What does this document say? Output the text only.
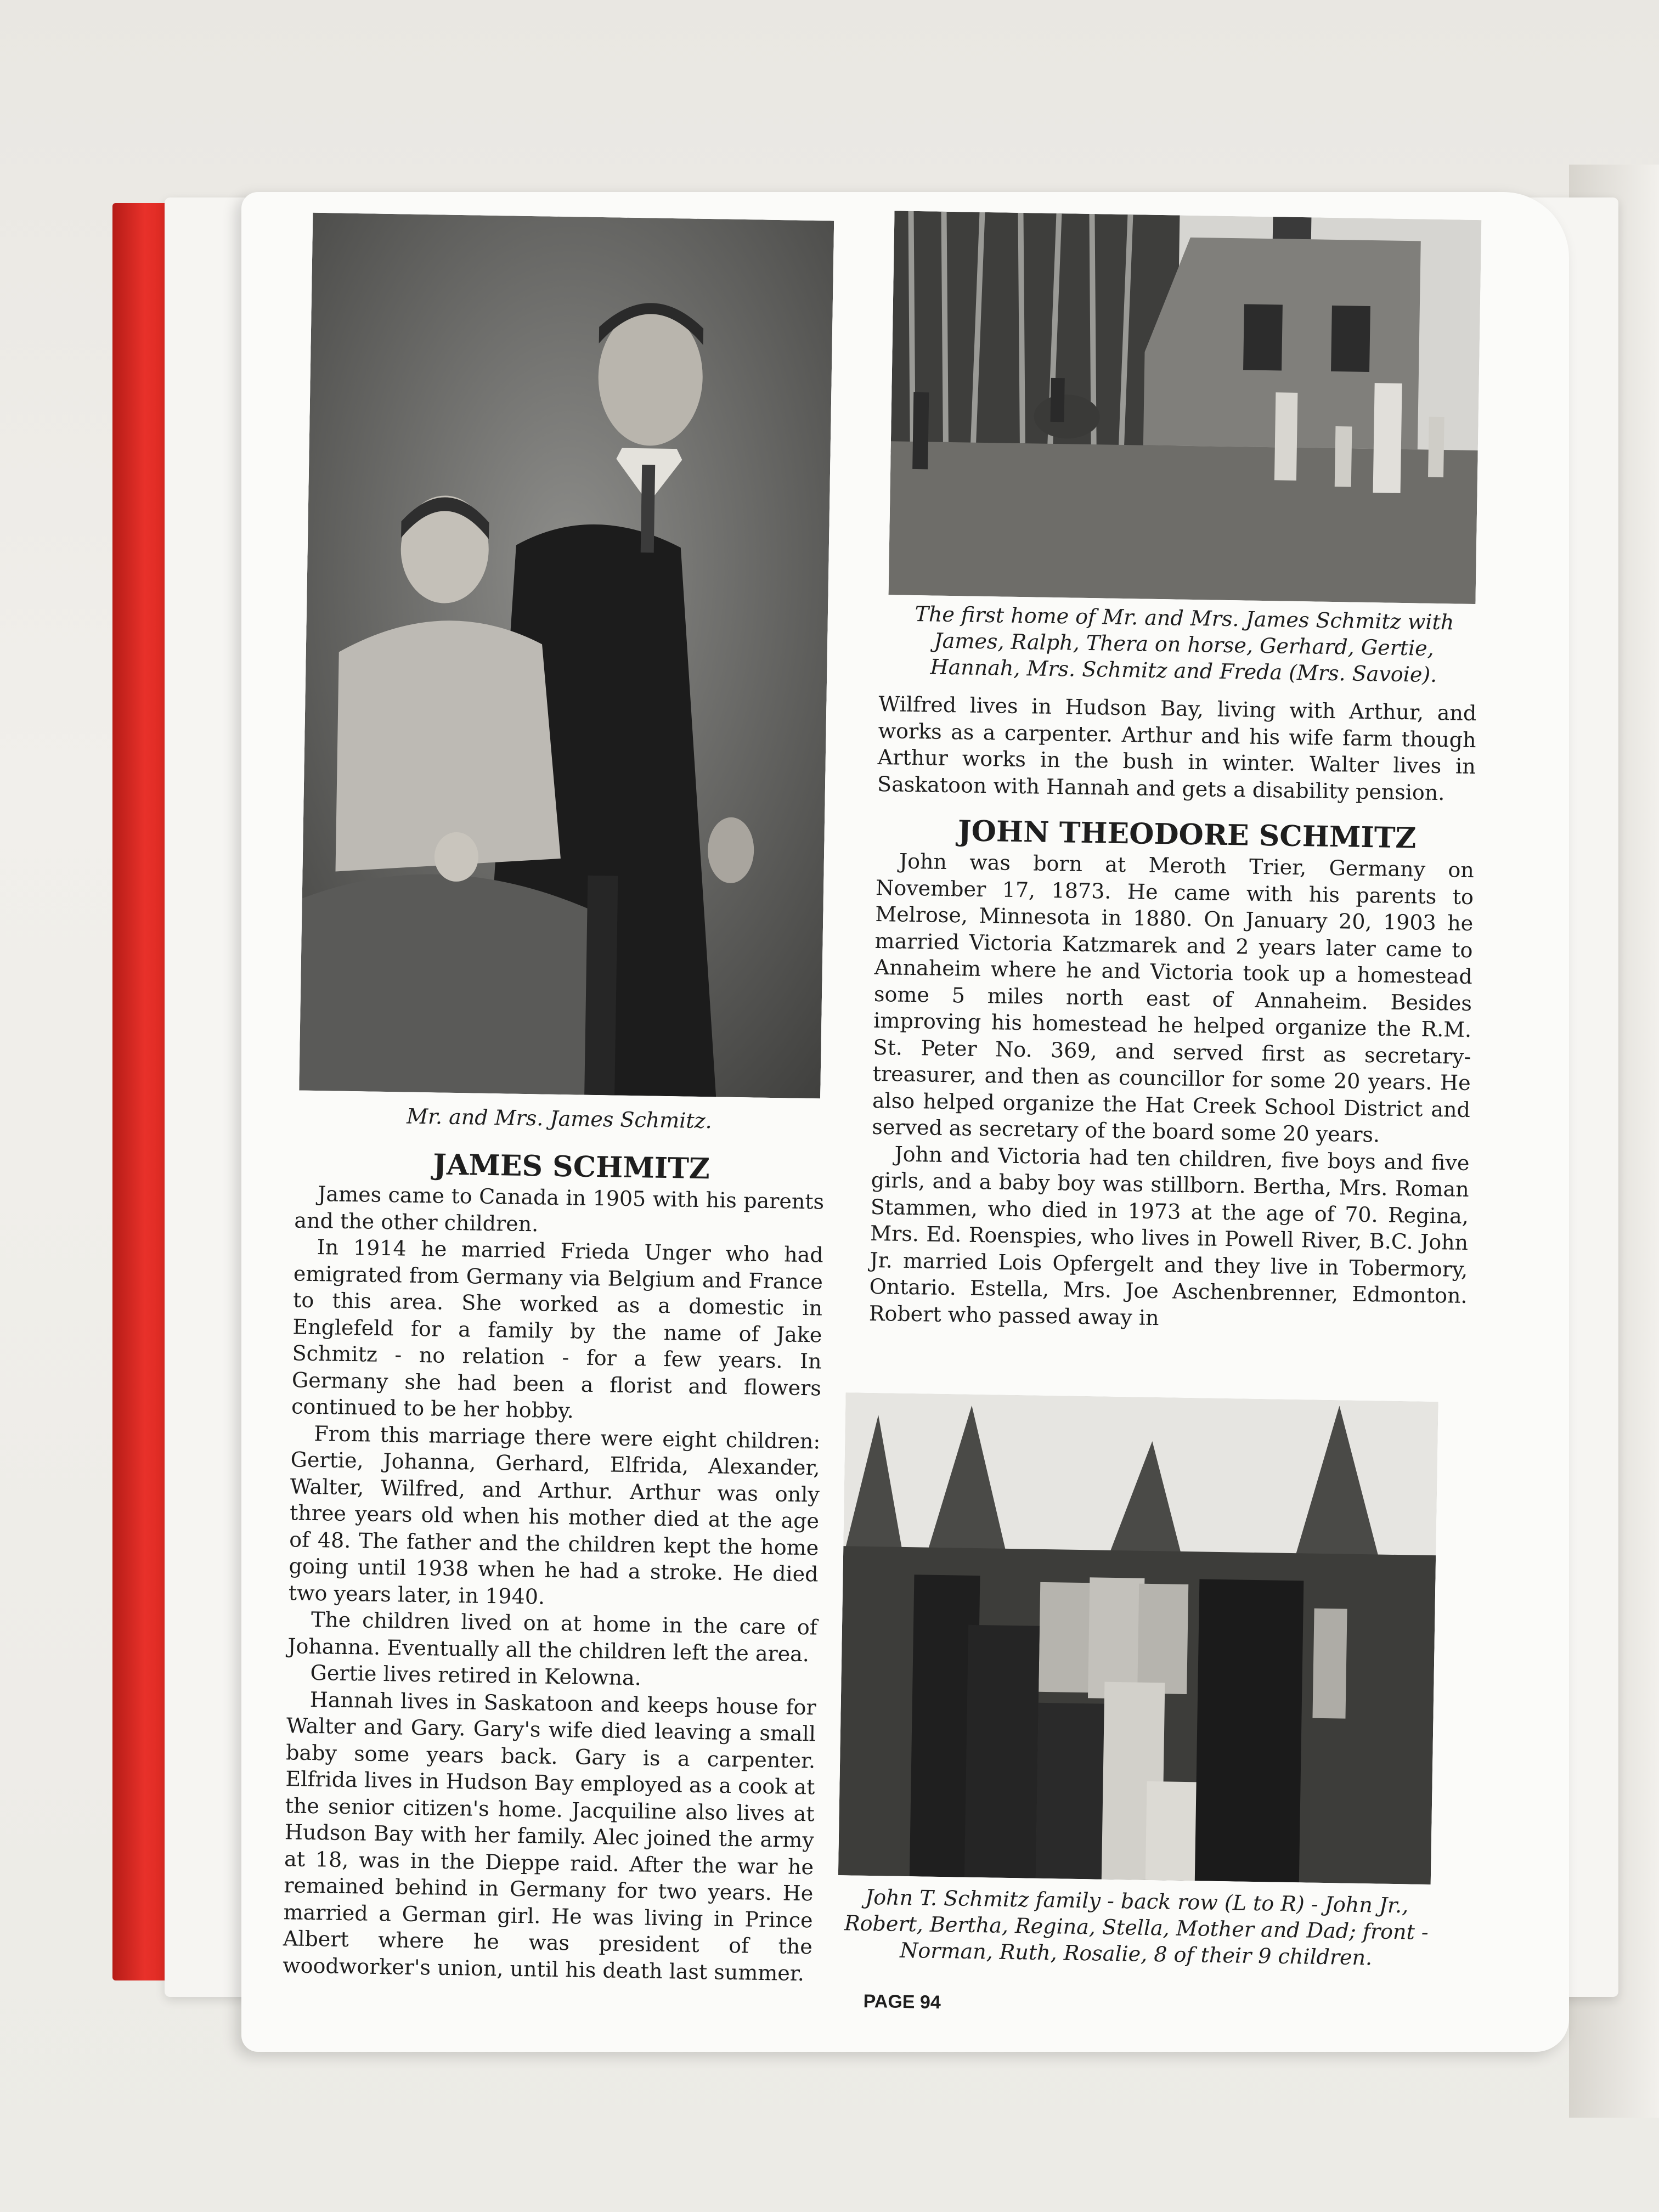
Mr. and Mrs. James Schmitz.

JAMES SCHMITZ

James came to Canada in 1905 with his parents and the other children.

In 1914 he married Frieda Unger who had emigrated from Germany via Belgium and France to this area. She worked as a domestic in Englefeld for a family by the name of Jake Schmitz - no relation - for a few years. In Germany she had been a florist and flowers continued to be her hobby.

From this marriage there were eight children: Gertie, Johanna, Gerhard, Elfrida, Alexander, Walter, Wilfred, and Arthur. Arthur was only three years old when his mother died at the age of 48. The father and the children kept the home going until 1938 when he had a stroke. He died two years later, in 1940.

The children lived on at home in the care of Johanna. Eventually all the children left the area.

Gertie lives retired in Kelowna.

Hannah lives in Saskatoon and keeps house for Walter and Gary. Gary's wife died leaving a small baby some years back. Gary is a carpenter. Elfrida lives in Hudson Bay employed as a cook at the senior citizen's home. Jacquiline also lives at Hudson Bay with her family. Alec joined the army at 18, was in the Dieppe raid. After the war he remained behind in Germany for two years. He married a German girl. He was living in Prince Albert where he was president of the woodworker's union, until his death last summer.

The first home of Mr. and Mrs. James Schmitz with James, Ralph, Thera on horse, Gerhard, Gertie, Hannah, Mrs. Schmitz and Freda (Mrs. Savoie).

Wilfred lives in Hudson Bay, living with Arthur, and works as a carpenter. Arthur and his wife farm though Arthur works in the bush in winter. Walter lives in Saskatoon with Hannah and gets a disability pension.

JOHN THEODORE SCHMITZ

John was born at Meroth Trier, Germany on November 17, 1873. He came with his parents to Melrose, Minnesota in 1880. On January 20, 1903 he married Victoria Katzmarek and 2 years later came to Annaheim where he and Victoria took up a homestead some 5 miles north east of Annaheim. Besides improving his homestead he helped organize the R.M. St. Peter No. 369, and served first as secretary-treasurer, and then as councillor for some 20 years. He also helped organize the Hat Creek School District and served as secretary of the board some 20 years.

John and Victoria had ten children, five boys and five girls, and a baby boy was stillborn. Bertha, Mrs. Roman Stammen, who died in 1973 at the age of 70. Regina, Mrs. Ed. Roenspies, who lives in Powell River, B.C. John Jr. married Lois Opfergelt and they live in Tobermory, Ontario. Estella, Mrs. Joe Aschenbrenner, Edmonton. Robert who passed away in

John T. Schmitz family - back row (L to R) - John Jr., Robert, Bertha, Regina, Stella, Mother and Dad; front - Norman, Ruth, Rosalie, 8 of their 9 children.
PAGE 94
